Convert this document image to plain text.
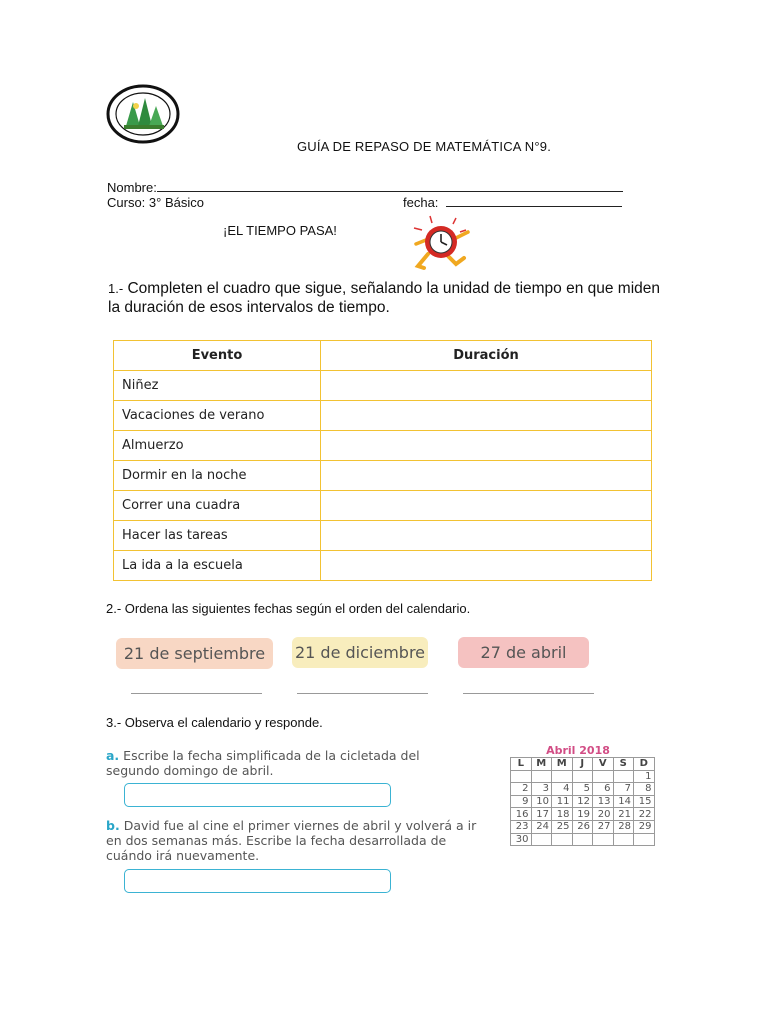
GUÍA DE REPASO DE MATEMÁTICA N°9.
Nombre:
Curso: 3° Básico	fecha:
¡EL TIEMPO PASA!
1.- Completen el cuadro que sigue, señalando la unidad de tiempo en que miden la duración de esos intervalos de tiempo.
Evento	Duración
Niñez	
Vacaciones de verano	
Almuerzo	
Dormir en la noche	
Correr una cuadra	
Hacer las tareas	
La ida a la escuela	
2.- Ordena las siguientes fechas según el orden del calendario.
21 de septiembre	21 de diciembre	27 de abril
3.- Observa el calendario y responde.
a. Escribe la fecha simplificada de la cicletada del segundo domingo de abril.
b. David fue al cine el primer viernes de abril y volverá a ir en dos semanas más. Escribe la fecha desarrollada de cuándo irá nuevamente.
Abril 2018
L	M	M	J	V	S	D
						1
2	3	4	5	6	7	8
9	10	11	12	13	14	15
16	17	18	19	20	21	22
23	24	25	26	27	28	29
30						
